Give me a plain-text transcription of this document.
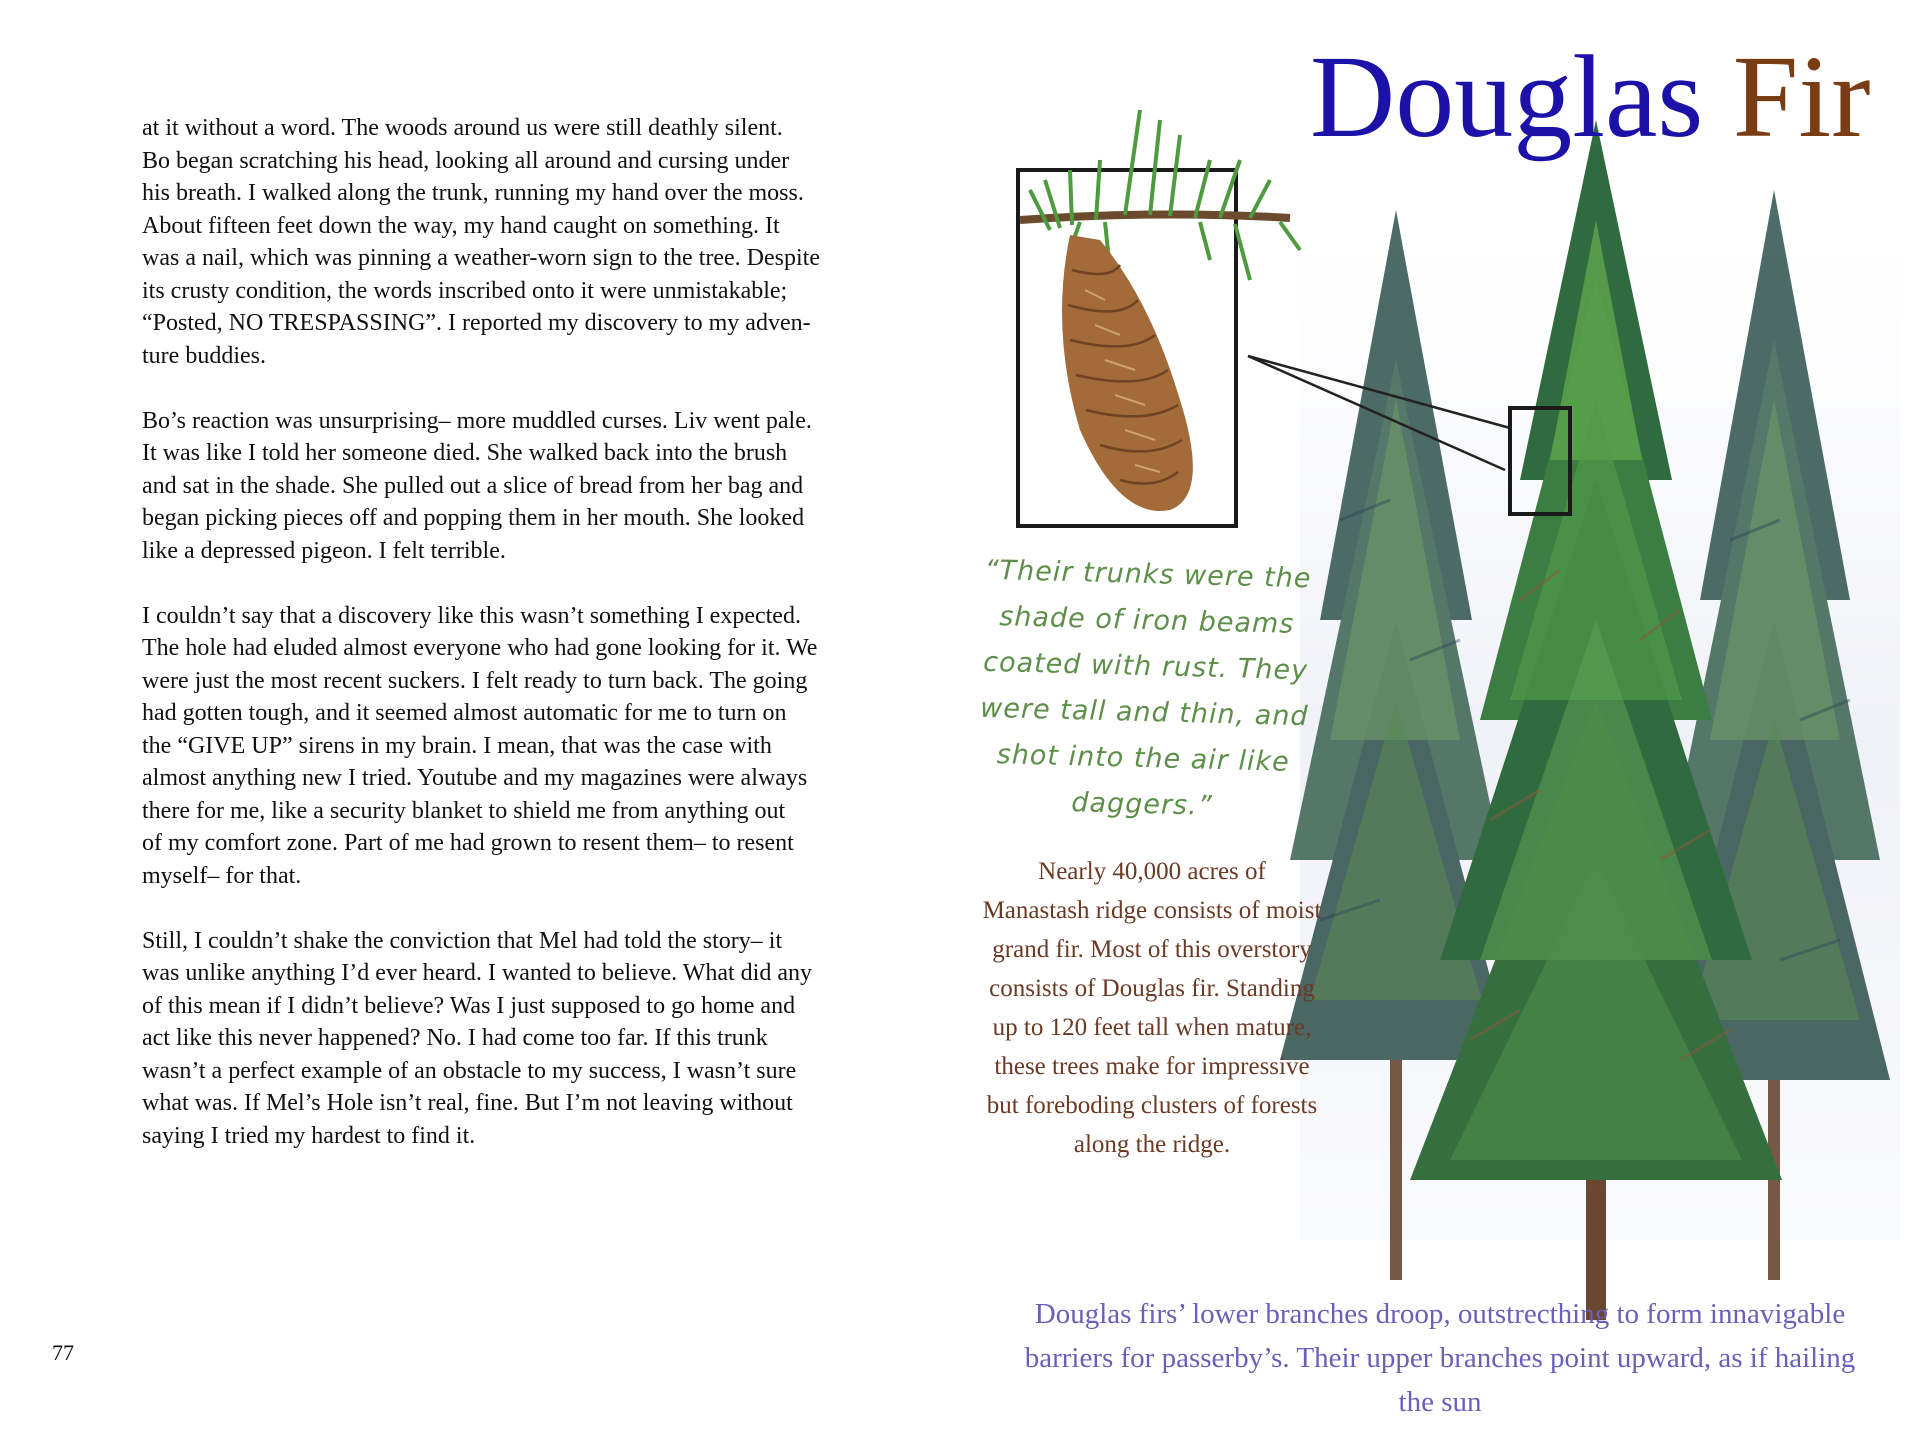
at it without a word. The woods around us were still deathly silent.
Bo began scratching his head, looking all around and cursing under
his breath. I walked along the trunk, running my hand over the moss.
About fifteen feet down the way, my hand caught on something. It
was a nail, which was pinning a weather-worn sign to the tree. Despite
its crusty condition, the words inscribed onto it were unmistakable;
“Posted, NO TRESPASSING”. I reported my discovery to my adven-
ture buddies.

Bo’s reaction was unsurprising– more muddled curses. Liv went pale.
It was like I told her someone died. She walked back into the brush
and sat in the shade. She pulled out a slice of bread from her bag and
began picking pieces off and popping them in her mouth. She looked
like a depressed pigeon. I felt terrible.

I couldn’t say that a discovery like this wasn’t something I expected.
The hole had eluded almost everyone who had gone looking for it. We
were just the most recent suckers. I felt ready to turn back. The going
had gotten tough, and it seemed almost automatic for me to turn on
the “GIVE UP” sirens in my brain. I mean, that was the case with
almost anything new I tried. Youtube and my magazines were always
there for me, like a security blanket to shield me from anything out
of my comfort zone. Part of me had grown to resent them– to resent
myself– for that.

Still, I couldn’t shake the conviction that Mel had told the story– it
was unlike anything I’d ever heard. I wanted to believe. What did any
of this mean if I didn’t believe? Was I just supposed to go home and
act like this never happened? No. I had come too far. If this trunk
wasn’t a perfect example of an obstacle to my success, I wasn’t sure
what was. If Mel’s Hole isn’t real, fine. But I’m not leaving without
saying I tried my hardest to find it.

77
Douglas Fir
“Their trunks were the shade of iron beams coated with rust. They were tall and thin, and shot into the air like daggers.”
Nearly 40,000 acres of Manastash ridge consists of moist grand fir. Most of this overstory consists of Douglas fir. Standing up to 120 feet tall when mature, these trees make for impressive but foreboding clusters of forests along the ridge.
Douglas firs’ lower branches droop, outstrecthing to form innavigable barriers for passerby’s. Their upper branches point upward, as if hailing the sun
